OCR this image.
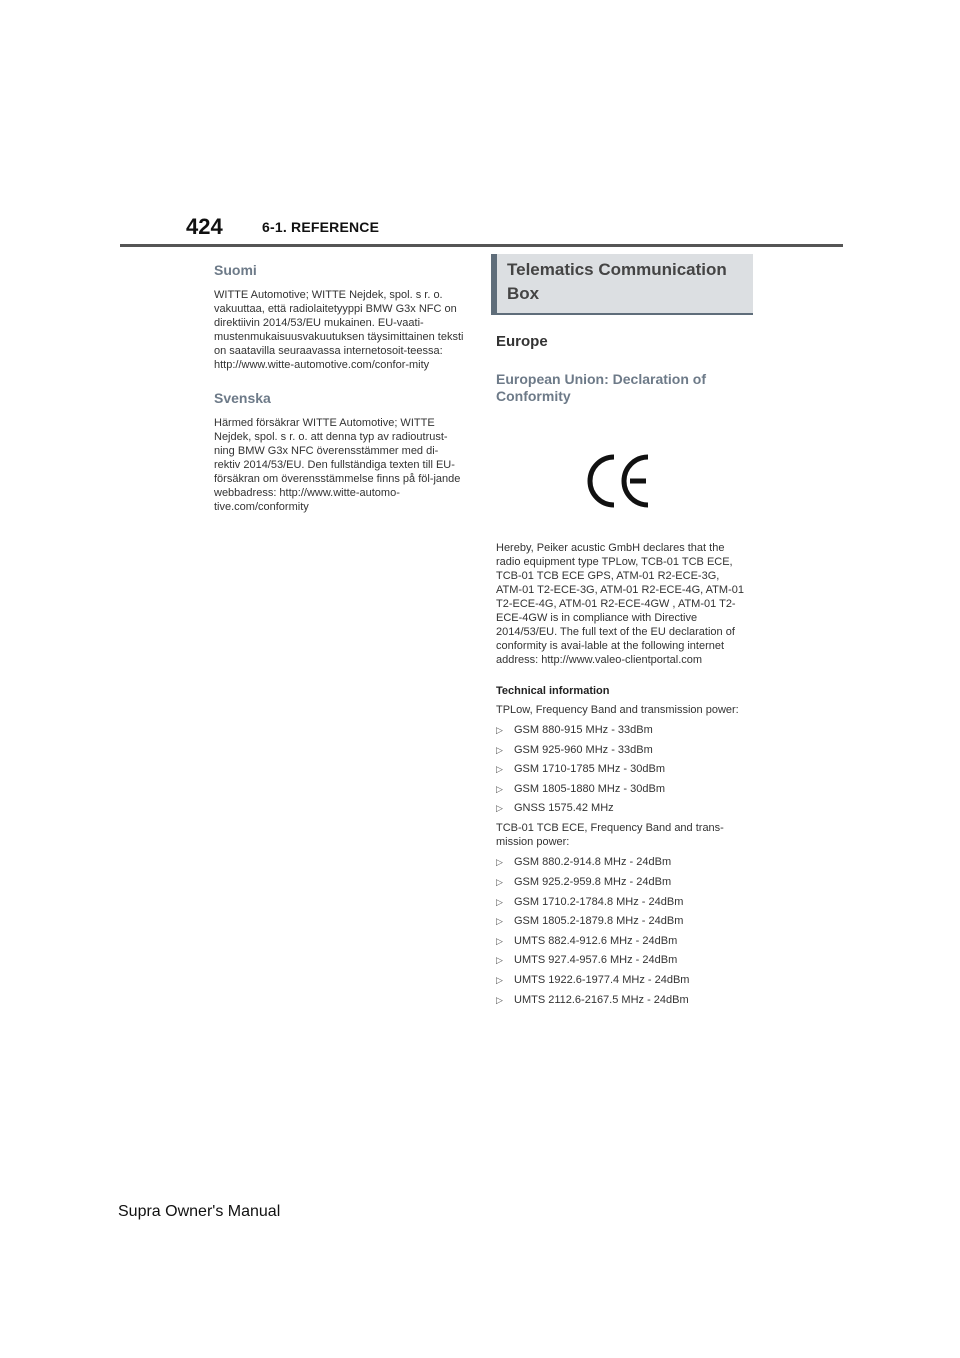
424	6-1. REFERENCE
Suomi

WITTE Automotive; WITTE Nejdek, spol. s r. o. vakuuttaa, että radiolaitetyyppi BMW G3x NFC on direktiivin 2014/53/EU mukainen. EU-vaati-mustenmukaisuusvakuutuksen täysimittainen teksti on saatavilla seuraavassa internetosoit-teessa: http://www.witte-automotive.com/confor-mity

Svenska

Härmed försäkrar WITTE Automotive; WITTE Nejdek, spol. s r. o. att denna typ av radioutrust-ning BMW G3x NFC överensstämmer med di-rektiv 2014/53/EU. Den fullständiga texten till EU-försäkran om överensstämmelse finns på föl-jande webbadress: http://www.witte-automo-tive.com/conformity

Telematics Communication Box

Europe
European Union: Declaration of Conformity

Hereby, Peiker acustic GmbH declares that the radio equipment type TPLow, TCB-01 TCB ECE, TCB-01 TCB ECE GPS, ATM-01 R2-ECE-3G, ATM-01 T2-ECE-3G, ATM-01 R2-ECE-4G, ATM-01 T2-ECE-4G, ATM-01 R2-ECE-4GW , ATM-01 T2-ECE-4GW is in compliance with Directive 2014/53/EU. The full text of the EU declaration of conformity is avai-lable at the following internet address: http://www.valeo-clientportal.com

Technical information

TPLow, Frequency Band and transmission power:

▷	GSM 880-915 MHz - 33dBm
▷	GSM 925-960 MHz - 33dBm
▷	GSM 1710-1785 MHz - 30dBm
▷	GSM 1805-1880 MHz - 30dBm
▷	GNSS 1575.42 MHz

TCB-01 TCB ECE, Frequency Band and trans-mission power:

▷	GSM 880.2-914.8 MHz - 24dBm
▷	GSM 925.2-959.8 MHz - 24dBm
▷	GSM 1710.2-1784.8 MHz - 24dBm
▷	GSM 1805.2-1879.8 MHz - 24dBm
▷	UMTS 882.4-912.6 MHz - 24dBm
▷	UMTS 927.4-957.6 MHz - 24dBm
▷	UMTS 1922.6-1977.4 MHz - 24dBm
▷	UMTS 2112.6-2167.5 MHz - 24dBm
Supra Owner's Manual
